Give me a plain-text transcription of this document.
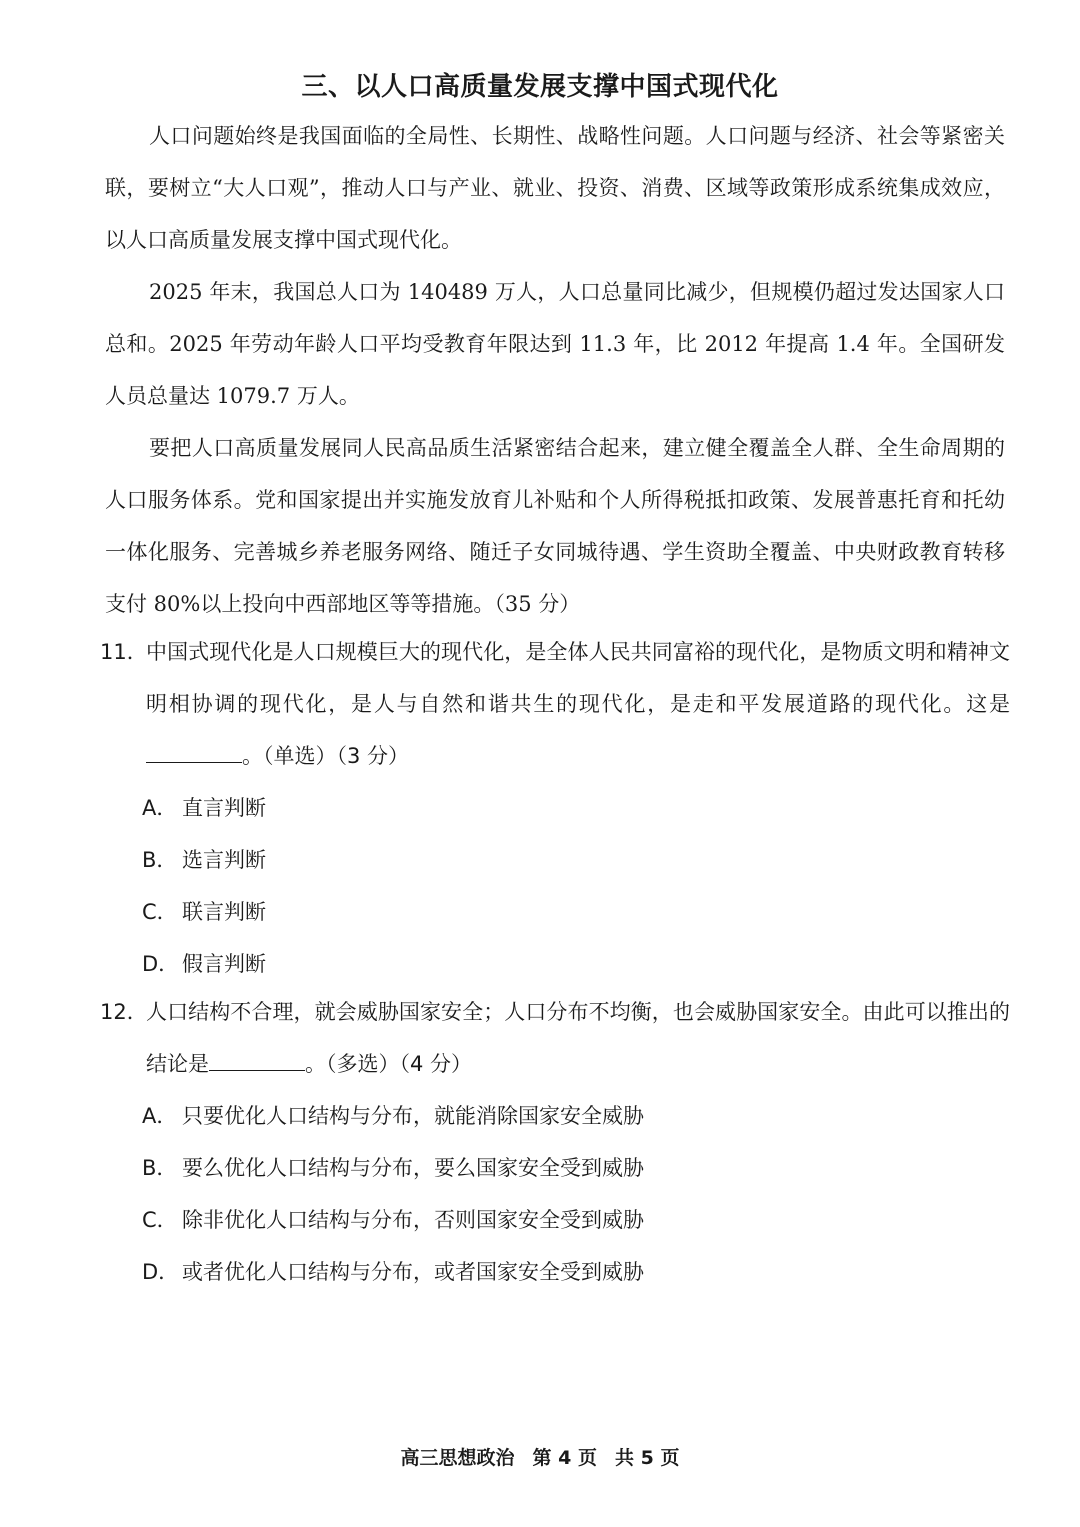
三、以人口高质量发展支撑中国式现代化
人口问题始终是我国面临的全局性、长期性、战略性问题。人口问题与经济、社会等紧密关联，要树立“大人口观”，推动人口与产业、就业、投资、消费、区域等政策形成系统集成效应，以人口高质量发展支撑中国式现代化。
2025 年末，我国总人口为 140489 万人，人口总量同比减少，但规模仍超过发达国家人口总和。2025 年劳动年龄人口平均受教育年限达到 11.3 年，比 2012 年提高 1.4 年。全国研发人员总量达 1079.7 万人。
要把人口高质量发展同人民高品质生活紧密结合起来，建立健全覆盖全人群、全生命周期的人口服务体系。党和国家提出并实施发放育儿补贴和个人所得税抵扣政策、发展普惠托育和托幼一体化服务、完善城乡养老服务网络、随迁子女同城待遇、学生资助全覆盖、中央财政教育转移支付 80%以上投向中西部地区等等措施。（35 分）
11．
中国式现代化是人口规模巨大的现代化，是全体人民共同富裕的现代化，是物质文明和精神文明相协调的现代化，是人与自然和谐共生的现代化，是走和平发展道路的现代化。这是。（单选）（3 分）
A． 直言判断
B． 选言判断
C． 联言判断
D． 假言判断
12．
人口结构不合理，就会威胁国家安全；人口分布不均衡，也会威胁国家安全。由此可以推出的结论是	。（多选）（4 分）
A． 只要优化人口结构与分布，就能消除国家安全威胁
B． 要么优化人口结构与分布，要么国家安全受到威胁
C． 除非优化人口结构与分布，否则国家安全受到威胁
D． 或者优化人口结构与分布，或者国家安全受到威胁
高三思想政治 第 4 页 共 5 页
